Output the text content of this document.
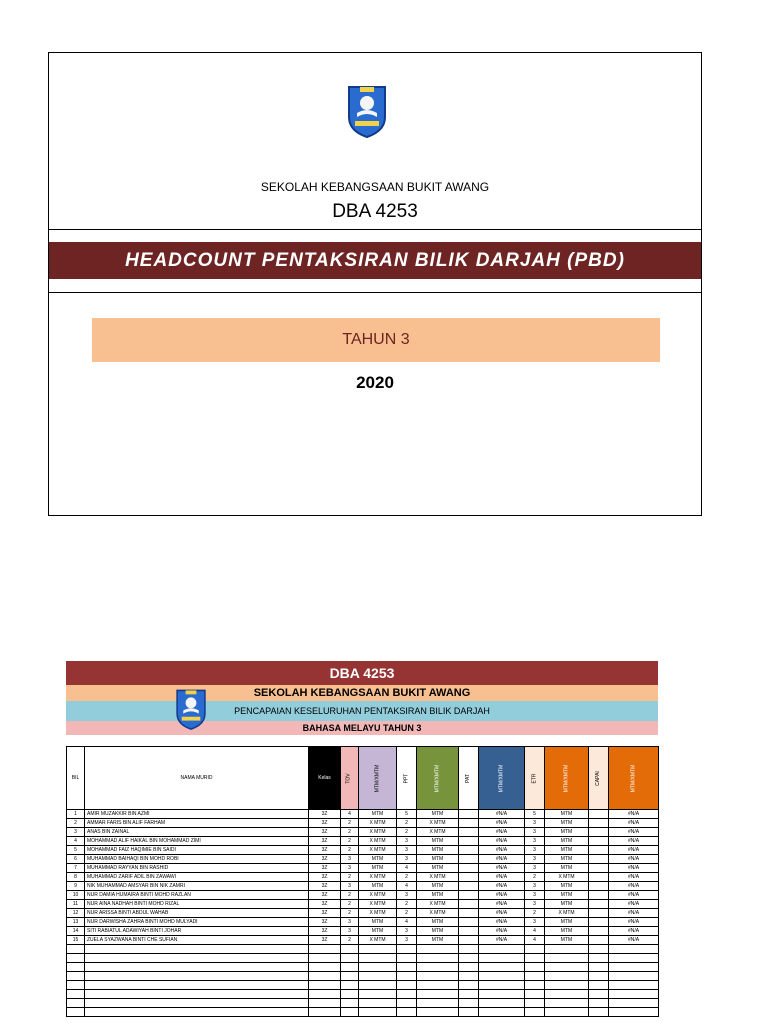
SEKOLAH KEBANGSAAN BUKIT AWANG
DBA 4253
HEADCOUNT PENTAKSIRAN BILIK DARJAH (PBD)
TAHUN 3
2020
DBA 4253
SEKOLAH KEBANGSAAN BUKIT AWANG
PENCAPAIAN KESELURUHAN PENTAKSIRAN BILIK DARJAH
BAHASA MELAYU TAHUN 3
BIL	NAMA MURID	Kelas	TOV	MTM/XMTM	PPT	MTM/XMTM	PAT	MTM/XMTM	ETR	MTM/XMTM	CAPAI	MTM/XMTM
1	AMIR MUZAKKIR BIN AZMI	3Z	4	MTM	5	MTM		#N/A	5	MTM		#N/A
2	AMMAR FARIS BIN ALIF FARHAM	3Z	2	X MTM	2	X MTM		#N/A	3	MTM		#N/A
3	ANAS BIN ZAINAL	3Z	2	X MTM	2	X MTM		#N/A	3	MTM		#N/A
4	MOHAMMAD ALIF HAIKAL BIN MOHAMMAD ZIMI	3Z	2	X MTM	3	MTM		#N/A	3	MTM		#N/A
5	MOHAMMAD FAIZ HAQIMIE BIN SAIDI	3Z	2	X MTM	3	MTM		#N/A	3	MTM		#N/A
6	MUHAMMAD BAIHAQI BIN MOHD ROBI	3Z	3	MTM	3	MTM		#N/A	3	MTM		#N/A
7	MUHAMMAD RAYYAN BIN RASHID	3Z	3	MTM	4	MTM		#N/A	3	MTM		#N/A
8	MUHAMMAD ZARIF ADIL BIN ZAWAWI	3Z	2	X MTM	2	X MTM		#N/A	2	X MTM		#N/A
9	NIK MUHAMMAD AMSYAR BIN NIK ZAMRI	3Z	3	MTM	4	MTM		#N/A	3	MTM		#N/A
10	NUR DAMIA HUMAIRA BINTI MOHD RAZLAN	3Z	2	X MTM	3	MTM		#N/A	3	MTM		#N/A
11	NUR AINA NADHAH BINTI MOHD RIZAL	3Z	2	X MTM	2	X MTM		#N/A	3	MTM		#N/A
12	NUR ARISSA BINTI ABDUL WAHAB	3Z	2	X MTM	2	X MTM		#N/A	2	X MTM		#N/A
13	NUR DARWISHA ZAHRA BINTI MOHD MULYADI	3Z	3	MTM	4	MTM		#N/A	3	MTM		#N/A
14	SITI RABIATUL ADAWIYAH BINTI JOHAR	3Z	3	MTM	3	MTM		#N/A	4	MTM		#N/A
15	ZUELA SYAZWANA BINTI CHE SUFIAN	3Z	2	X MTM	3	MTM		#N/A	4	MTM		#N/A
